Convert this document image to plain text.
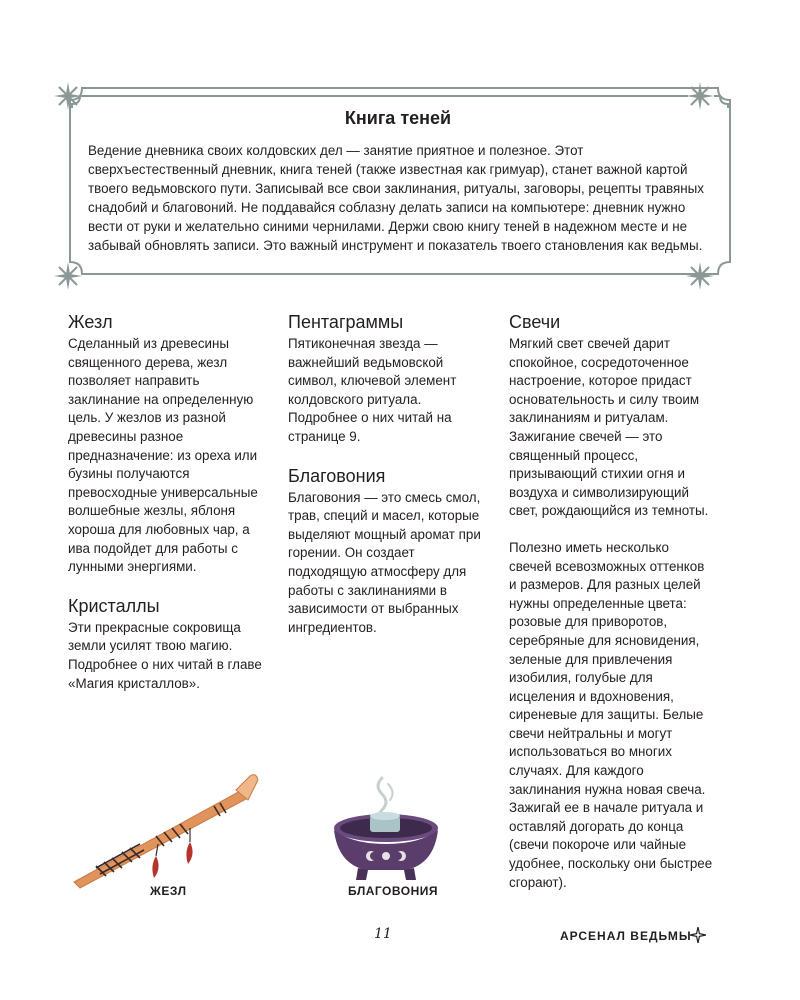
Книга теней

Ведение дневника своих колдовских дел — занятие приятное и полезное. Этот сверхъестественный дневник, книга теней (также известная как гримуар), станет важной картой твоего ведьмовского пути. Записывай все свои заклинания, ритуалы, заговоры, рецепты травяных снадобий и благовоний. Не поддавайся соблазну делать записи на компьютере: дневник нужно вести от руки и желательно синими чернилами. Держи свою книгу теней в надежном месте и не забывай обновлять записи. Это важный инструмент и показатель твоего становления как ведьмы.

Жезл

Сделанный из древесины священного дерева, жезл позволяет направить заклинание на определенную цель. У жезлов из разной древесины разное предназначение: из ореха или бузины получаются превосходные универсальные волшебные жезлы, яблоня хороша для любовных чар, а ива подойдет для работы с лунными энергиями.

Кристаллы

Эти прекрасные сокровища земли усилят твою магию. Подробнее о них читай в главе «Магия кристаллов».

Пентаграммы

Пятиконечная звезда — важнейший ведьмовской символ, ключевой элемент колдовского ритуала. Подробнее о них читай на странице 9.

Благовония

Благовония — это смесь смол, трав, специй и масел, которые выделяют мощный аромат при горении. Он создает подходящую атмосферу для работы с заклинаниями в зависимости от выбранных ингредиентов.

Свечи

Мягкий свет свечей дарит спокойное, сосредоточенное настроение, которое придаст основательность и силу твоим заклинаниям и ритуалам. Зажигание свечей — это священный процесс, призывающий стихии огня и воздуха и символизирующий свет, рождающийся из темноты.

Полезно иметь несколько свечей всевозможных оттенков и размеров. Для разных целей нужны определенные цвета: розовые для приворотов, серебряные для ясновидения, зеленые для привлечения изобилия, голубые для исцеления и вдохновения, сиреневые для защиты. Белые свечи нейтральны и могут использоваться во многих случаях. Для каждого заклинания нужна новая свеча. Зажигай ее в начале ритуала и оставляй догорать до конца (свечи покороче или чайные удобнее, поскольку они быстрее сгорают).

ЖЕЗЛ	БЛАГОВОНИЯ
11	АРСЕНАЛ ВЕДЬМЫ
